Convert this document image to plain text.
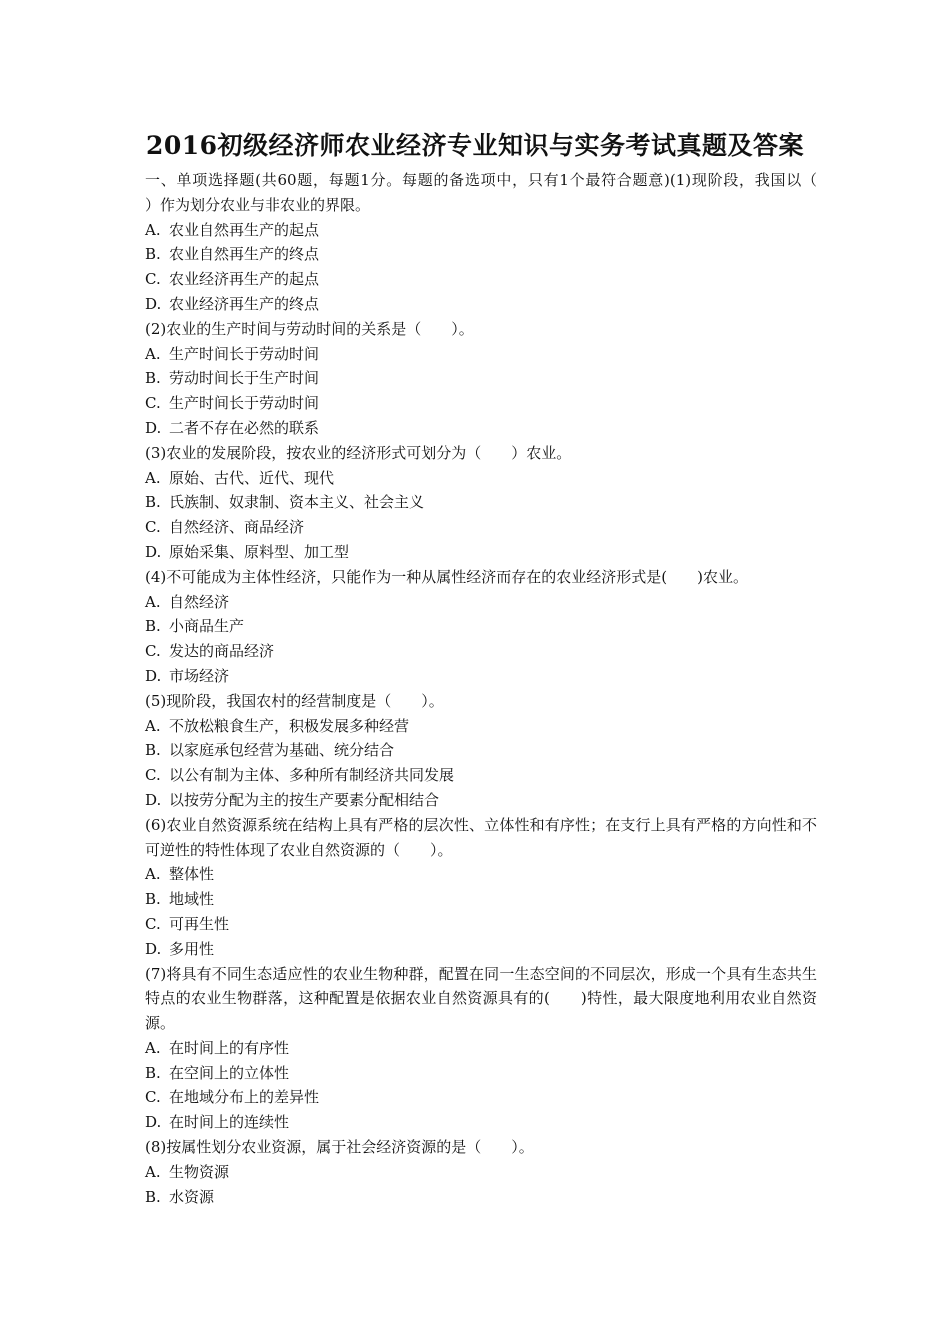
2016初级经济师农业经济专业知识与实务考试真题及答案

一、单项选择题(共60题，每题1分。每题的备选项中，只有1个最符合题意)(1)现阶段，我国以（　　）作为划分农业与非农业的界限。

A. 农业自然再生产的起点

B. 农业自然再生产的终点

C. 农业经济再生产的起点

D. 农业经济再生产的终点

(2)农业的生产时间与劳动时间的关系是（　　）。

A. 生产时间长于劳动时间

B. 劳动时间长于生产时间

C. 生产时间长于劳动时间

D. 二者不存在必然的联系

(3)农业的发展阶段，按农业的经济形式可划分为（　　）农业。

A. 原始、古代、近代、现代

B. 氏族制、奴隶制、资本主义、社会主义

C. 自然经济、商品经济

D. 原始采集、原料型、加工型

(4)不可能成为主体性经济，只能作为一种从属性经济而存在的农业经济形式是(　　)农业。

A. 自然经济

B. 小商品生产

C. 发达的商品经济

D. 市场经济

(5)现阶段，我国农村的经营制度是（　　）。

A. 不放松粮食生产，积极发展多种经营

B. 以家庭承包经营为基础、统分结合

C. 以公有制为主体、多种所有制经济共同发展

D. 以按劳分配为主的按生产要素分配相结合

(6)农业自然资源系统在结构上具有严格的层次性、立体性和有序性；在支行上具有严格的方向性和不可逆性的特性体现了农业自然资源的（　　）。

A. 整体性

B. 地域性

C. 可再生性

D. 多用性

(7)将具有不同生态适应性的农业生物种群，配置在同一生态空间的不同层次，形成一个具有生态共生特点的农业生物群落，这种配置是依据农业自然资源具有的(　　)特性，最大限度地利用农业自然资源。

A. 在时间上的有序性

B. 在空间上的立体性

C. 在地域分布上的差异性

D. 在时间上的连续性

(8)按属性划分农业资源，属于社会经济资源的是（　　）。

A. 生物资源

B. 水资源
